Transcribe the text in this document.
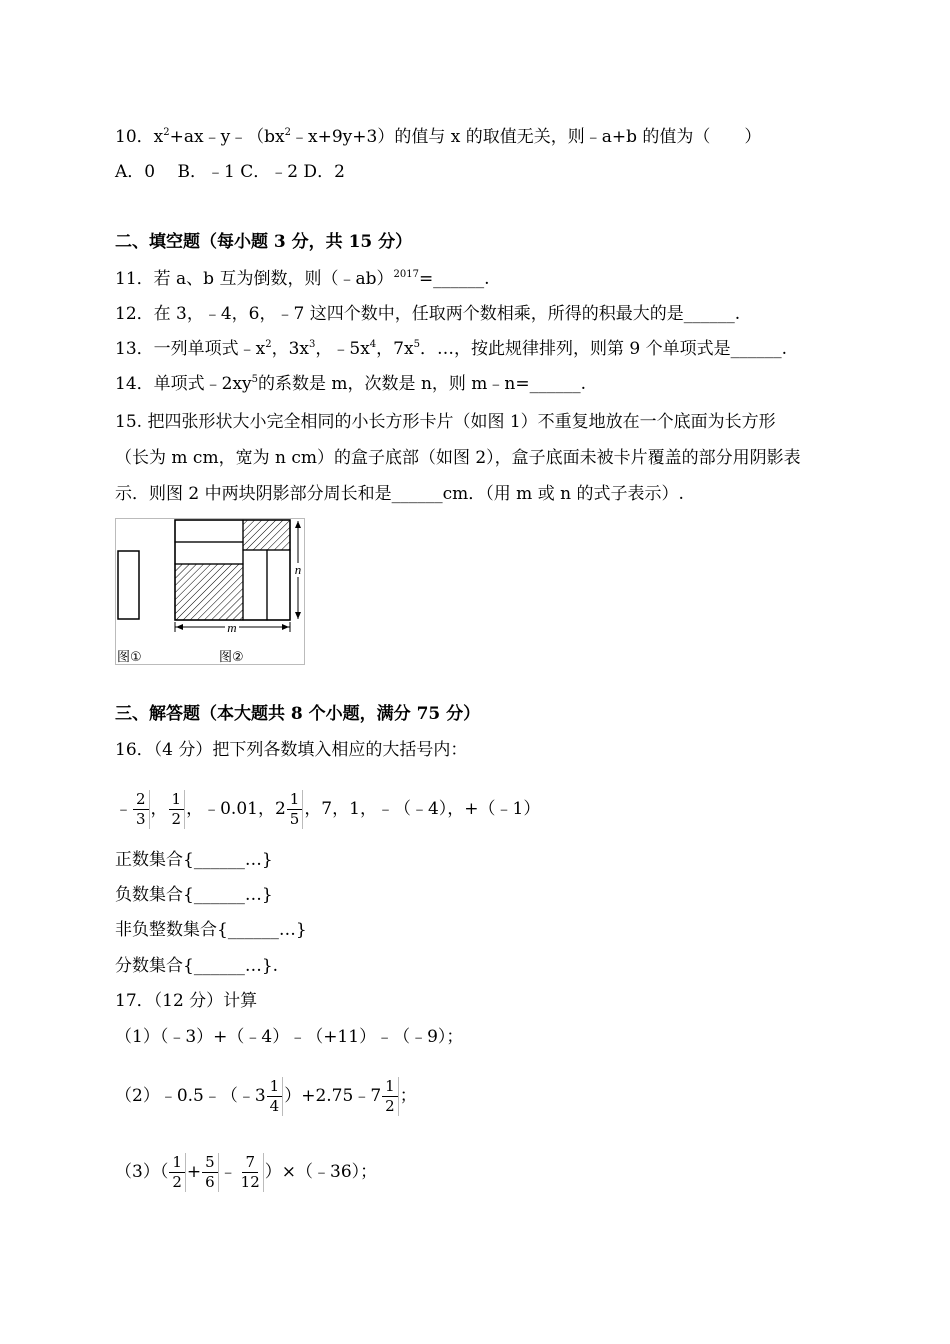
10．$x^2+ax﹣y﹣(bx^2﹣x+9y+3)$的值与 x 的取值无关，则﹣a+b 的值为（　　）
A．0　 B．﹣1 C．﹣2 D．2
二、填空题（每小题 3 分，共 15 分）
11．若 a、b 互为倒数，则（﹣ab）$^{2017}$=______.
12．在 3，﹣4，6，﹣7 这四个数中，任取两个数相乘，所得的积最大的是______.
13．一列单项式$﹣x^2$，$3x^3$，$﹣5x^4$，$7x^5$．…，按此规律排列，则第 9 个单项式是______.
14．单项式$﹣2xy^5$的系数是 m，次数是 n，则 m﹣n=______.
15. 把四张形状大小完全相同的小长方形卡片（如图 1）不重复地放在一个底面为长方形
（长为 m cm，宽为 n cm）的盒子底部（如图 2），盒子底面未被卡片覆盖的部分用阴影表
示．则图 2 中两块阴影部分周长和是______cm．（用 m 或 n 的式子表示）.
n
m
图①	图②
三、解答题（本大题共 8 个小题，满分 75 分）
16．（4 分）把下列各数填入相应的大括号内：
﹣ $\frac{2}{3}$ ， $\frac{1}{2}$ ，﹣0.01，$2 \frac{1}{5}$ ，7，1，﹣（﹣4），+（﹣1）
正数集合{______…}
负数集合{______…}
非负整数集合{______…}
分数集合{______…}.
17．（12 分）计算
（1）（﹣3）+（﹣4）﹣（+11）﹣（﹣9）；
（2）﹣0.5﹣（﹣3 $\frac{1}{4}$ ）+2.75﹣7 $\frac{1}{2}$ ；
$(3)( \frac{1}{2} + \frac{5}{6}$ ﹣ $\frac{7}{12}$ ）×（﹣36）；
